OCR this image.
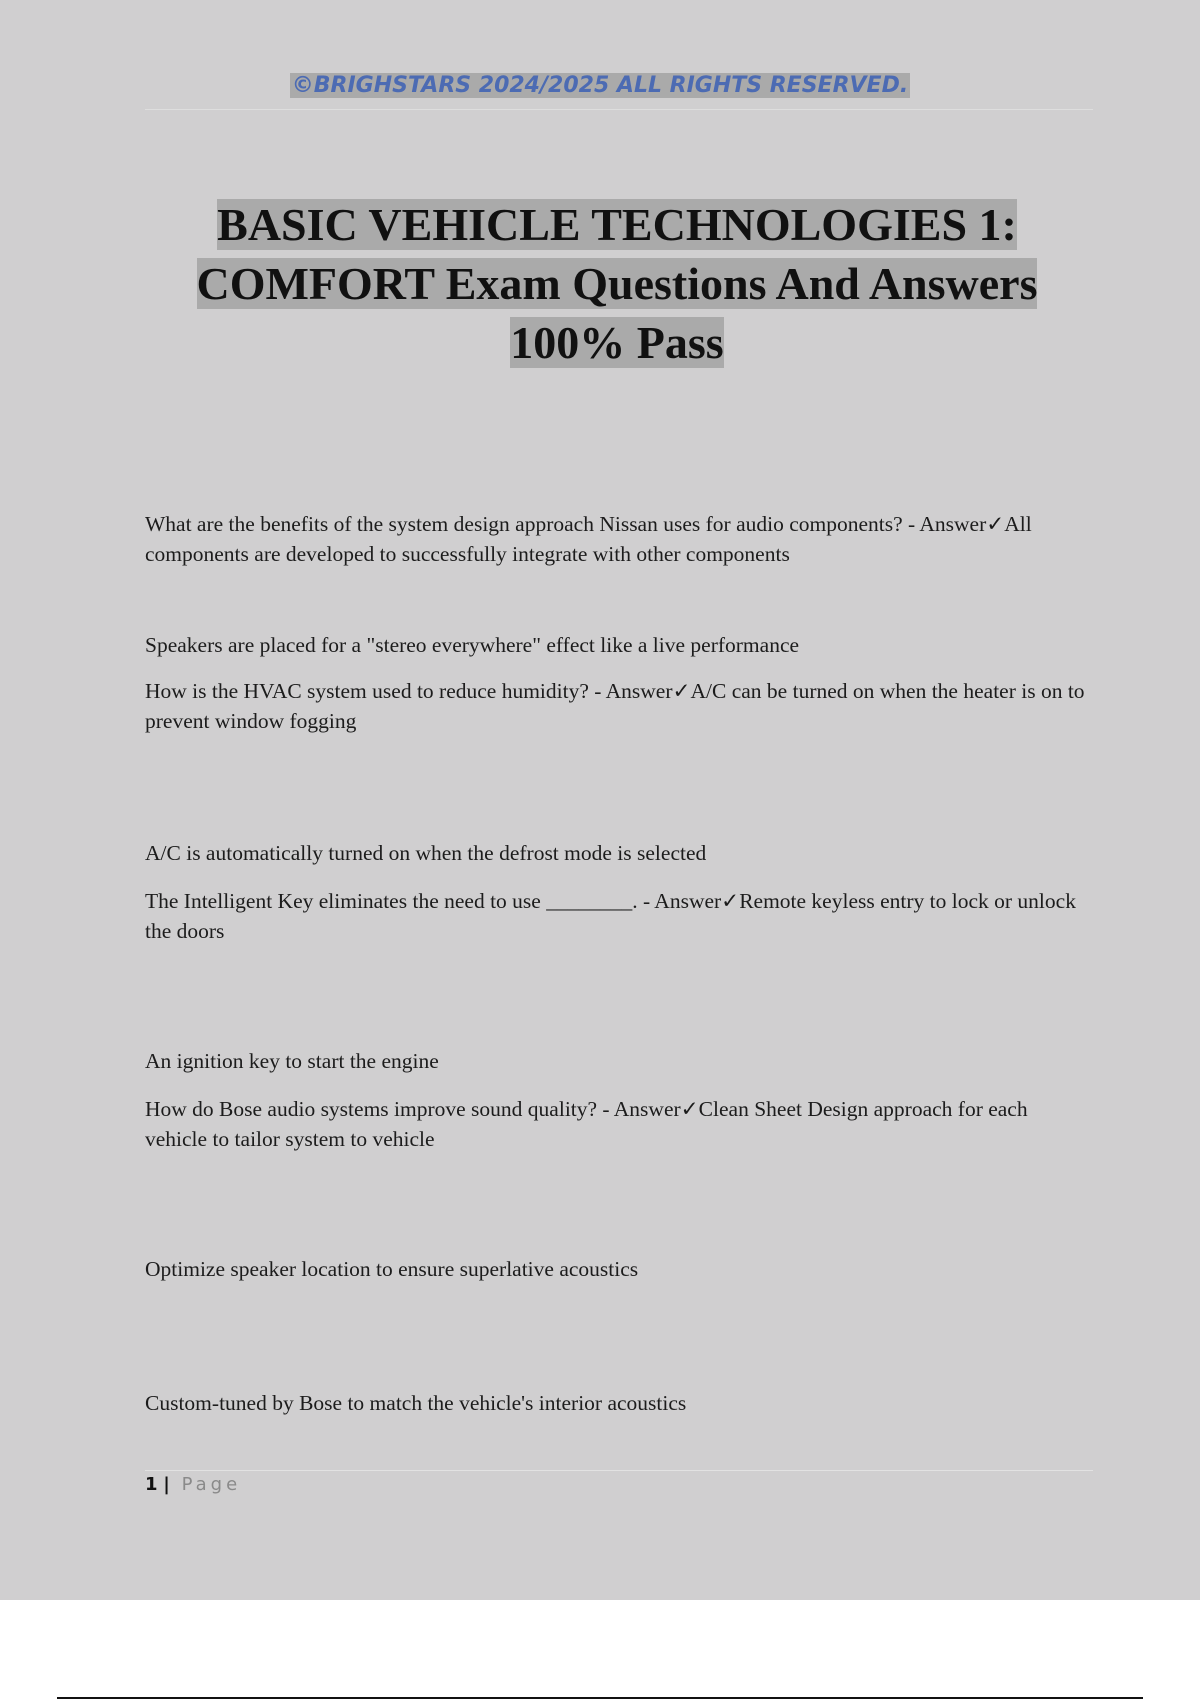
©BRIGHSTARS 2024/2025 ALL RIGHTS RESERVED.
BASIC VEHICLE TECHNOLOGIES 1:
COMFORT Exam Questions And Answers
100% Pass

What are the benefits of the system design approach Nissan uses for audio components? - Answer✓All components are developed to successfully integrate with other components

Speakers are placed for a "stereo everywhere" effect like a live performance

How is the HVAC system used to reduce humidity? - Answer✓A/C can be turned on when the heater is on to prevent window fogging

A/C is automatically turned on when the defrost mode is selected

The Intelligent Key eliminates the need to use ________. - Answer✓Remote keyless entry to lock or unlock the doors

An ignition key to start the engine

How do Bose audio systems improve sound quality? - Answer✓Clean Sheet Design approach for each vehicle to tailor system to vehicle

Optimize speaker location to ensure superlative acoustics

Custom-tuned by Bose to match the vehicle's interior acoustics

1 | Page
